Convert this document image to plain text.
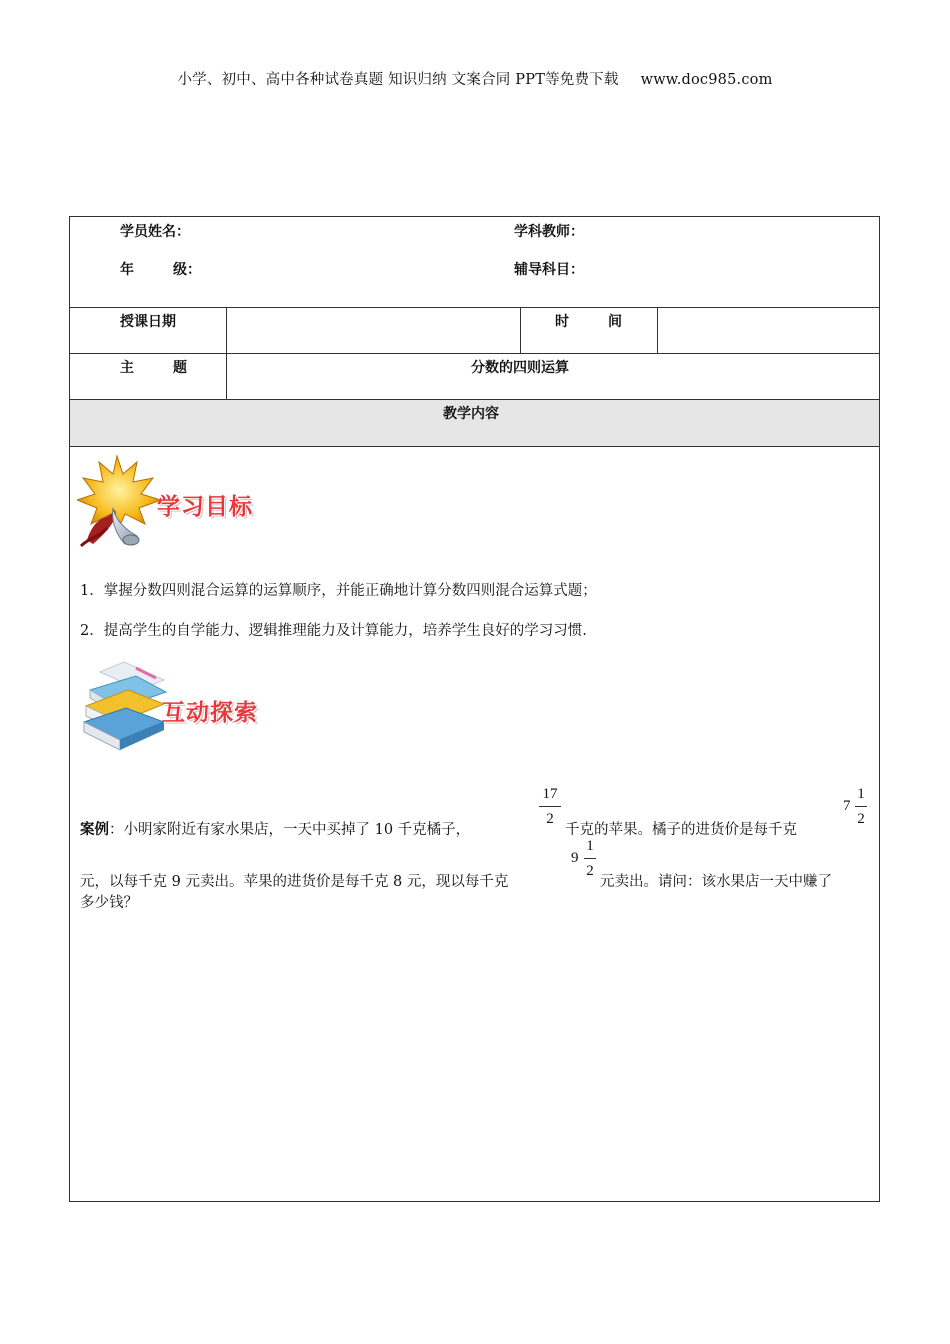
小学、初中、高中各种试卷真题 知识归纳 文案合同 PPT等免费下载 www.doc985.com
学员姓名：	学科教师：
年        级：	辅导科目：
授课日期	时        间
主        题	分数的四则运算
教学内容
学习目标
1．掌握分数四则混合运算的运算顺序，并能正确地计算分数四则混合运算式题；
2．提高学生的自学能力、逻辑推理能力及计算能力，培养学生良好的学习习惯.
互动探索
案例：小明家附近有家水果店，一天中买掉了 10 千克橘子，
17
2
千克的苹果。橘子的进货价是每千克
7
1
2
元，以每千克 9 元卖出。苹果的进货价是每千克 8 元，现以每千克
9
1
2
元卖出。请问：该水果店一天中赚了
多少钱？
